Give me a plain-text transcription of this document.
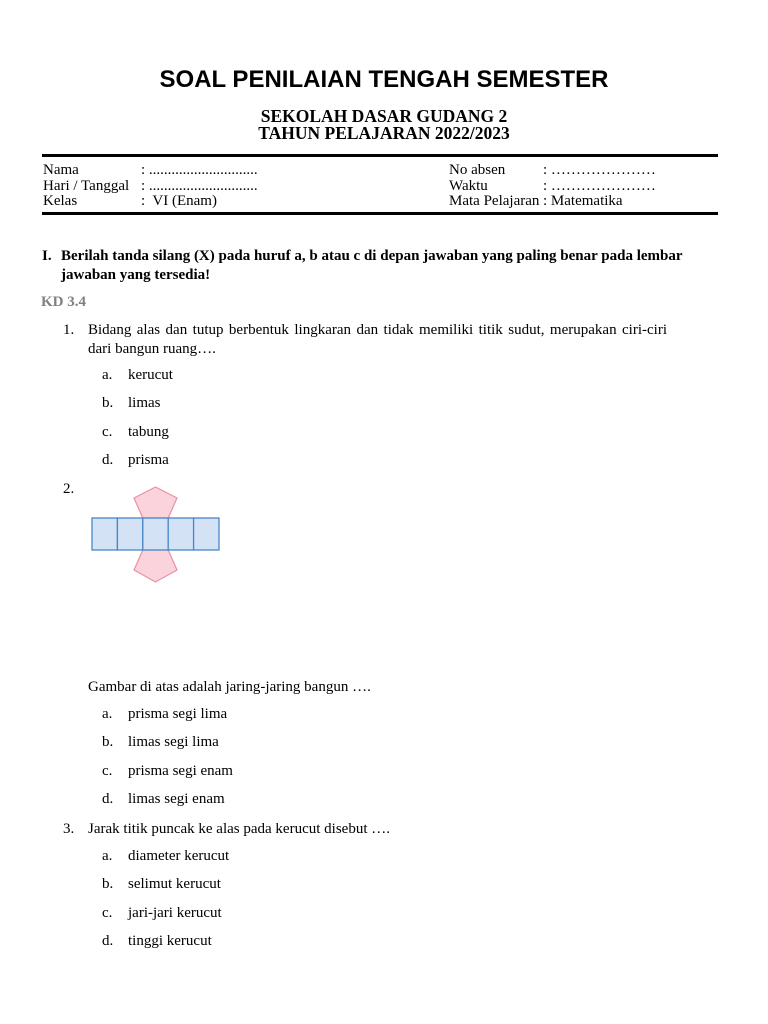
SOAL PENILAIAN TENGAH SEMESTER
SEKOLAH DASAR GUDANG 2
TAHUN PELAJARAN 2022/2023
Nama	: .............................	No absen	: …………………
Hari / Tanggal : .............................	Waktu	: …………………
Kelas	:  VI (Enam)	Mata Pelajaran : Matematika
I. Berilah tanda silang (X) pada huruf a, b atau c di depan jawaban yang paling benar pada lembar
jawaban yang tersedia!
KD 3.4
1. Bidang alas dan tutup berbentuk lingkaran dan tidak memiliki titik sudut, merupakan ciri-ciri
dari bangun ruang….
a. kerucut
b. limas
c. tabung
d. prisma
2.
Gambar di atas adalah jaring-jaring bangun ….
a. prisma segi lima
b. limas segi lima
c. prisma segi enam
d. limas segi enam
3. Jarak titik puncak ke alas pada kerucut disebut ….
a. diameter kerucut
b. selimut kerucut
c. jari-jari kerucut
d. tinggi kerucut
